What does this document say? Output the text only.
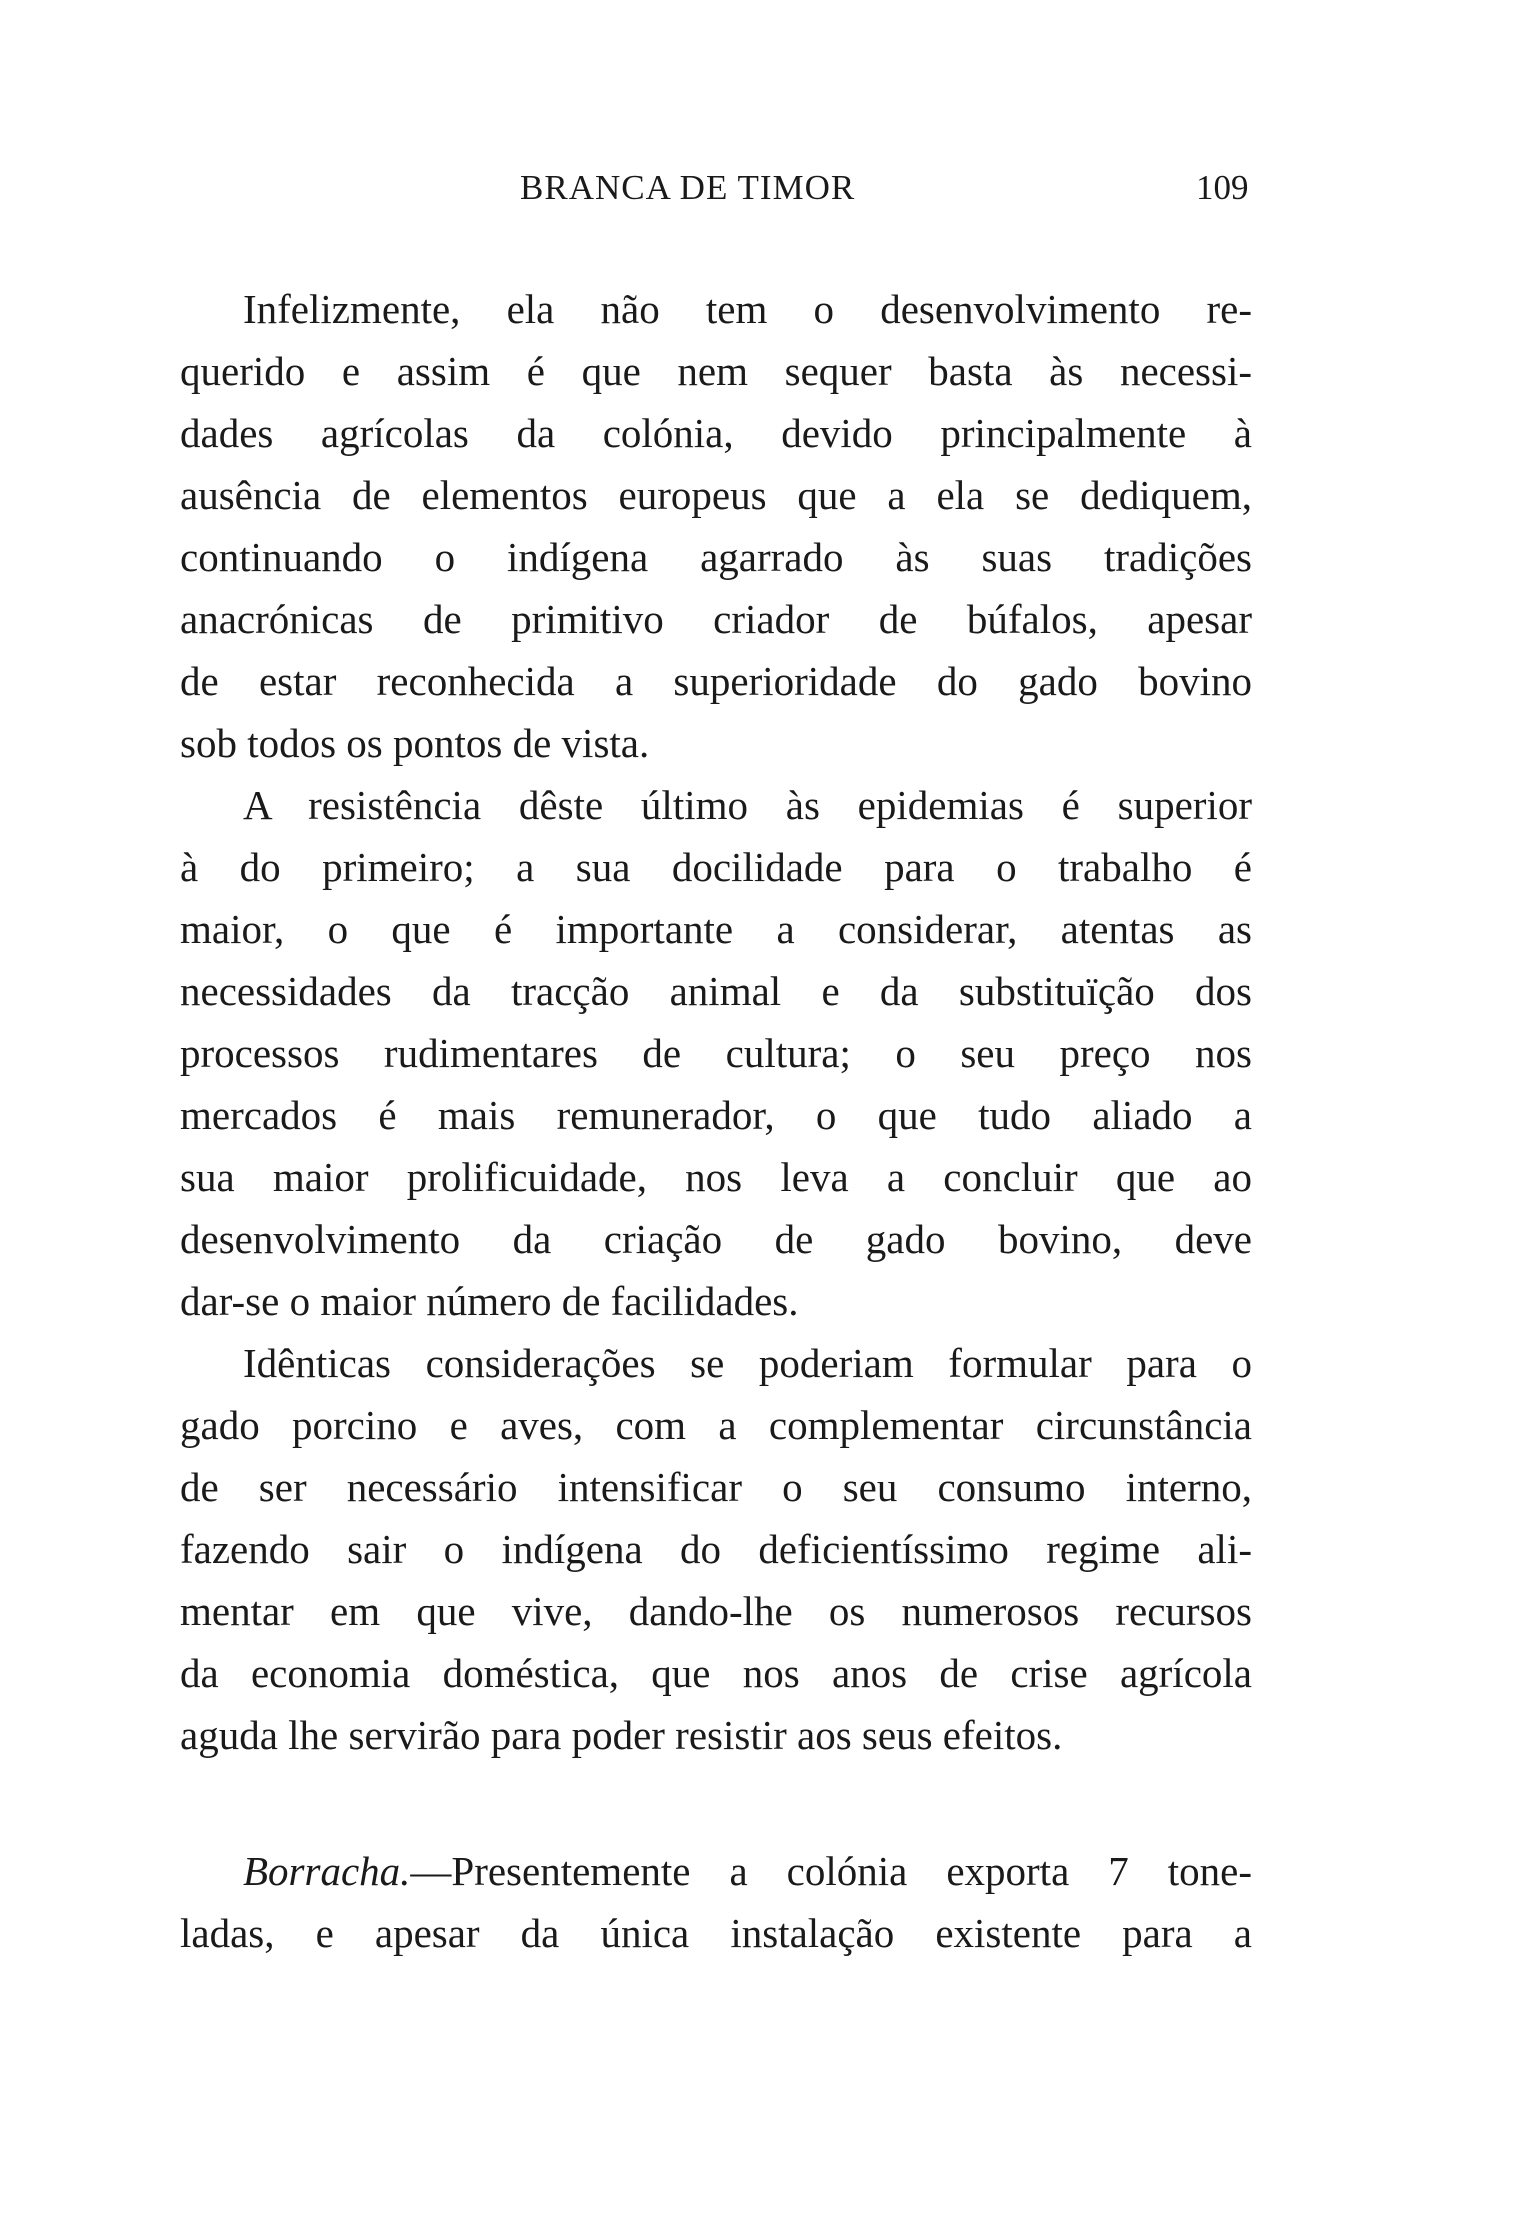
BRANCA DE TIMOR	109
Infelizmente, ela não tem o desenvolvimento re-
querido e assim é que nem sequer basta às necessi-
dades agrícolas da colónia, devido principalmente à
ausência de elementos europeus que a ela se dediquem,
continuando o indígena agarrado às suas tradições
anacrónicas de primitivo criador de búfalos, apesar
de estar reconhecida a superioridade do gado bovino
sob todos os pontos de vista.
A resistência dêste último às epidemias é superior
à do primeiro; a sua docilidade para o trabalho é
maior, o que é importante a considerar, atentas as
necessidades da tracção animal e da substituïção dos
processos rudimentares de cultura; o seu preço nos
mercados é mais remunerador, o que tudo aliado a
sua maior prolificuidade, nos leva a concluir que ao
desenvolvimento da criação de gado bovino, deve
dar-se o maior número de facilidades.
Idênticas considerações se poderiam formular para o
gado porcino e aves, com a complementar circunstância
de ser necessário intensificar o seu consumo interno,
fazendo sair o indígena do deficientíssimo regime ali-
mentar em que vive, dando-lhe os numerosos recursos
da economia doméstica, que nos anos de crise agrícola
aguda lhe servirão para poder resistir aos seus efeitos.
Borracha.—Presentemente a colónia exporta 7 tone-
ladas, e apesar da única instalação existente para a
